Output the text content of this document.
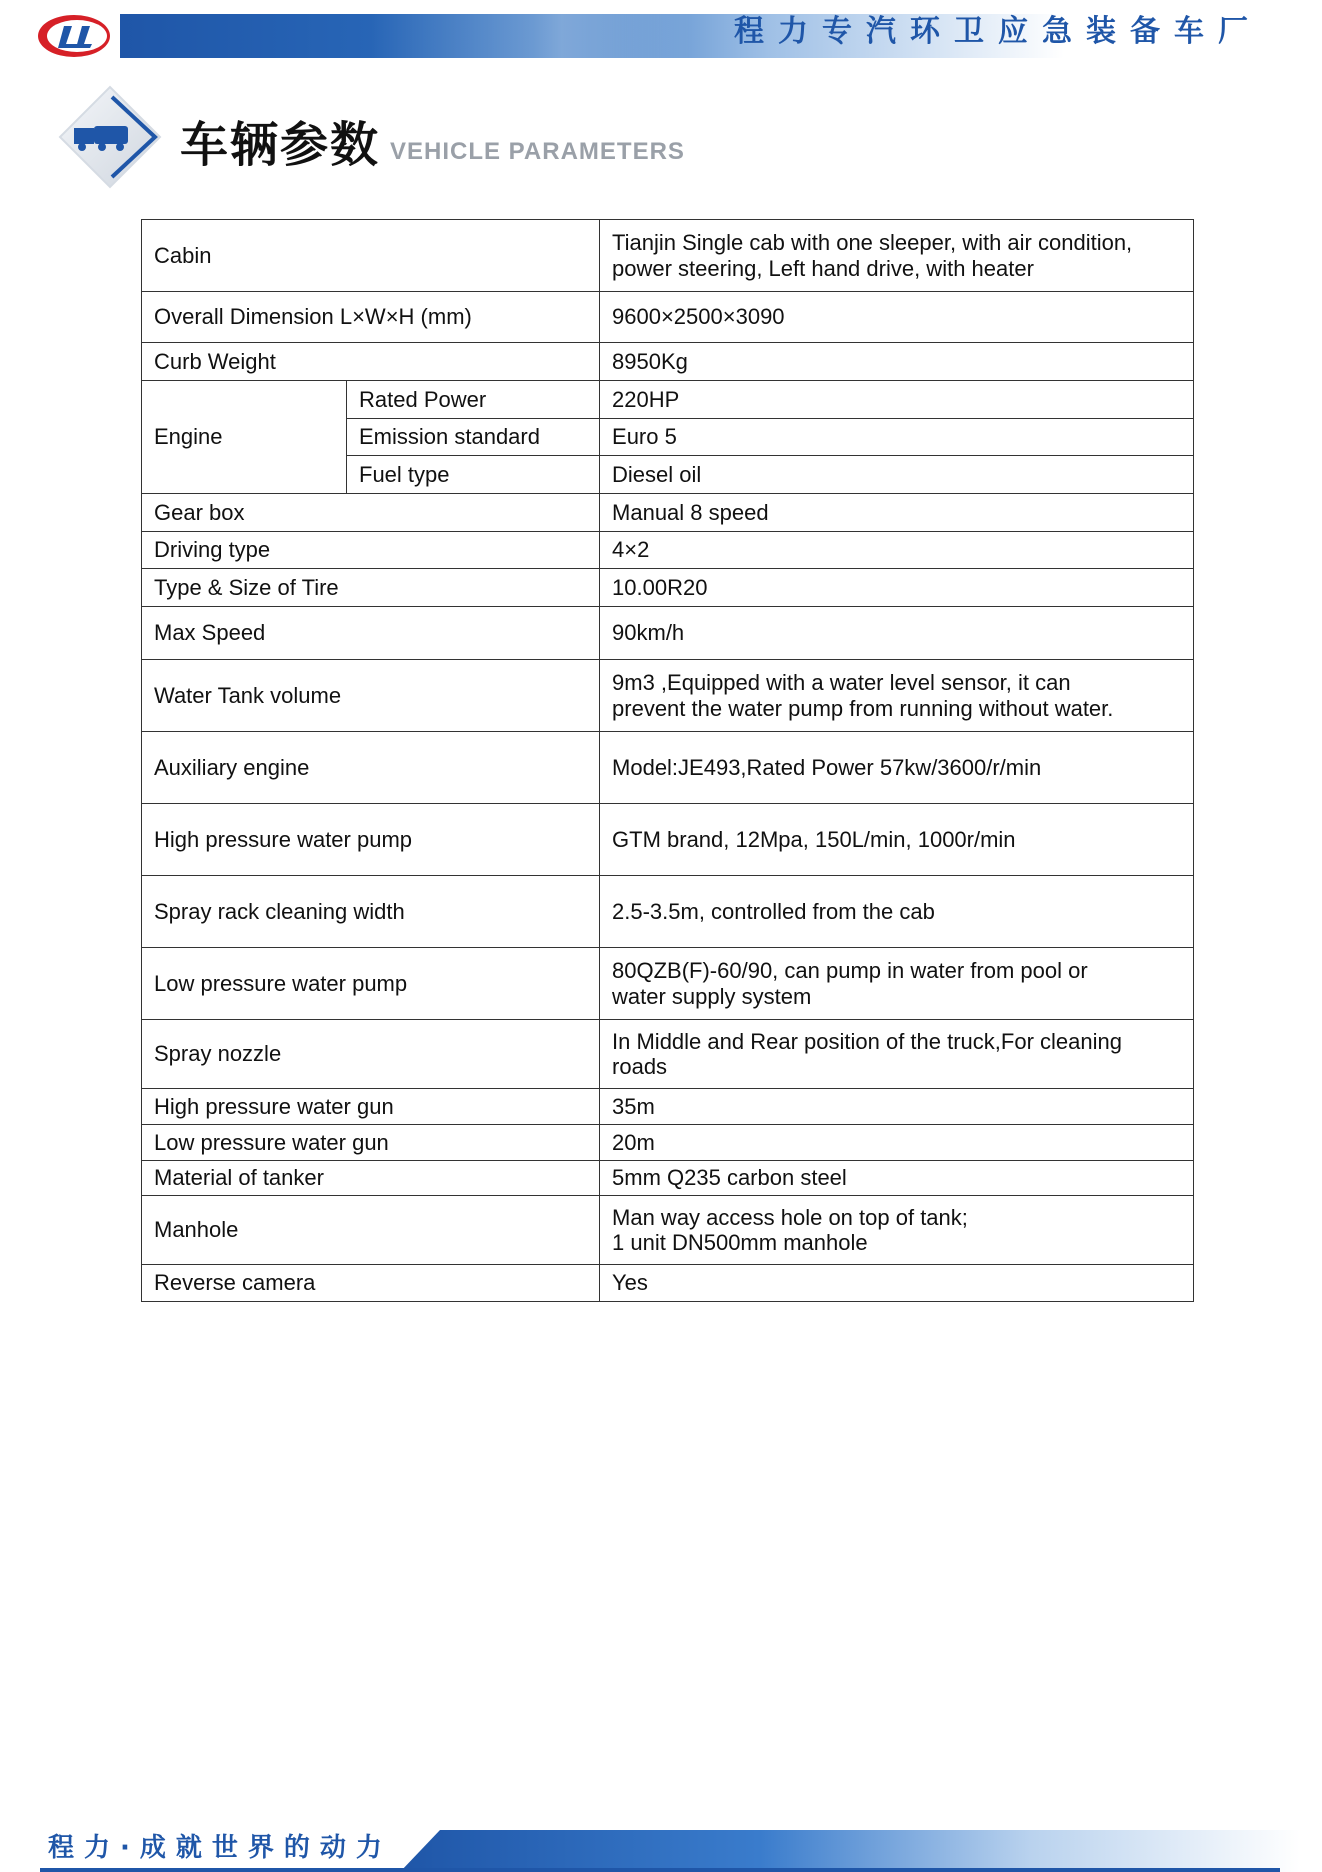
程力专汽环卫应急装备车厂
车辆参数 VEHICLE PARAMETERS
Cabin		Tianjin Single cab with one sleeper, with air condition,
power steering, Left hand drive, with heater
Overall Dimension L×W×H (mm)		9600×2500×3090
Curb Weight		8950Kg
Engine	Rated Power	220HP
	Emission standard	Euro 5
	Fuel type	Diesel oil
Gear box		Manual 8 speed
Driving type		4×2
Type & Size of Tire		10.00R20
Max Speed		90km/h
Water Tank volume		9m3 ,Equipped with a water level sensor, it can
prevent the water pump from running without water.
Auxiliary engine		Model:JE493,Rated Power 57kw/3600/r/min
High pressure water pump		GTM brand, 12Mpa, 150L/min, 1000r/min
Spray rack cleaning width		2.5-3.5m, controlled from the cab
Low pressure water pump		80QZB(F)-60/90, can pump in water from pool or
water supply system
Spray nozzle		In Middle and Rear position of the truck,For cleaning
roads
High pressure water gun		35m
Low pressure water gun		20m
Material of tanker		5mm Q235 carbon steel
Manhole		Man way access hole on top of tank;
1 unit DN500mm manhole
Reverse camera		Yes
程力·成就世界的动力
